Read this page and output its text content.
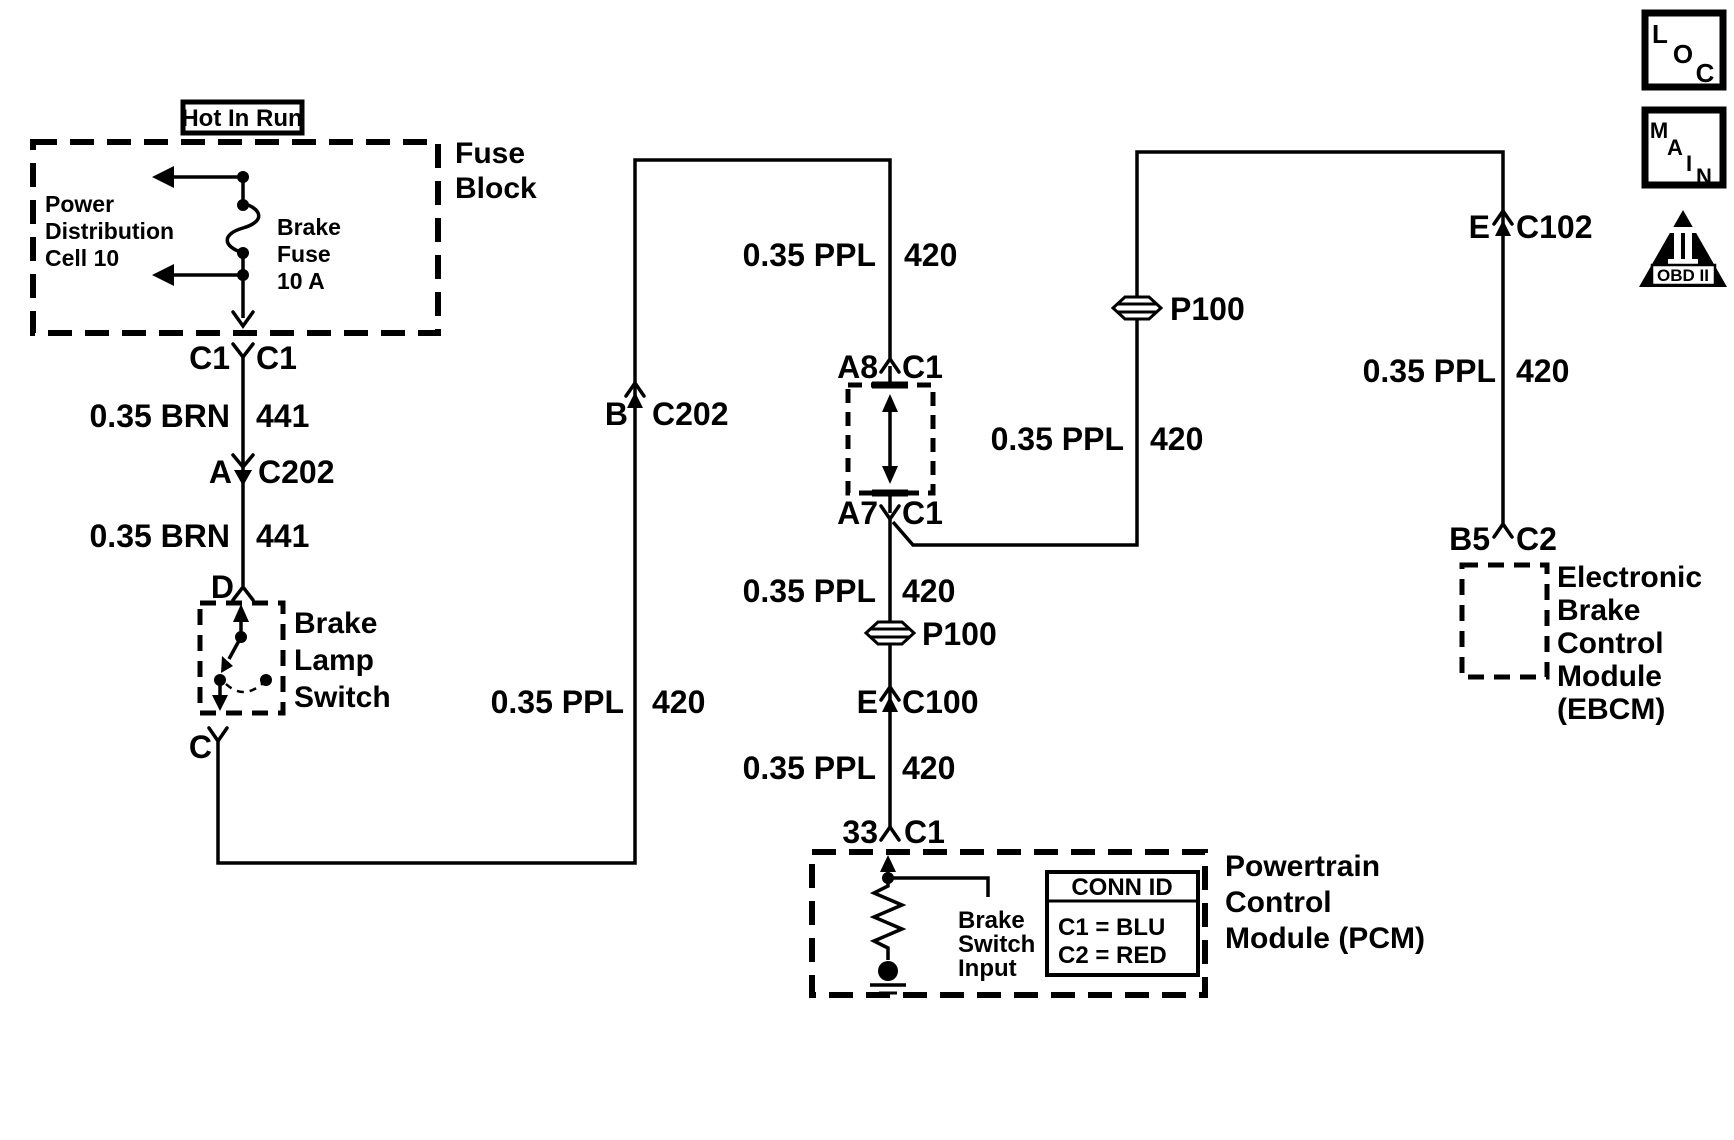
Hot In Run
Fuse
Block
Power
Distribution
Cell 10
Brake
Fuse
10 A
C1 C1
0.35 BRN 441
A C202
0.35 BRN 441
D
Brake
Lamp
Switch
C
0.35 PPL 420
B C202
0.35 PPL 420
A8 C1
A7 C1
0.35 PPL 420
P100
E C100
0.35 PPL 420
33 C1
P100
0.35 PPL 420
E C102
0.35 PPL 420
B5 C2
Electronic
Brake
Control
Module
(EBCM)
Powertrain
Control
Module (PCM)
Brake
Switch
Input
CONN ID
C1 = BLU
C2 = RED
L
O
C
M
A
I
N
OBD II
